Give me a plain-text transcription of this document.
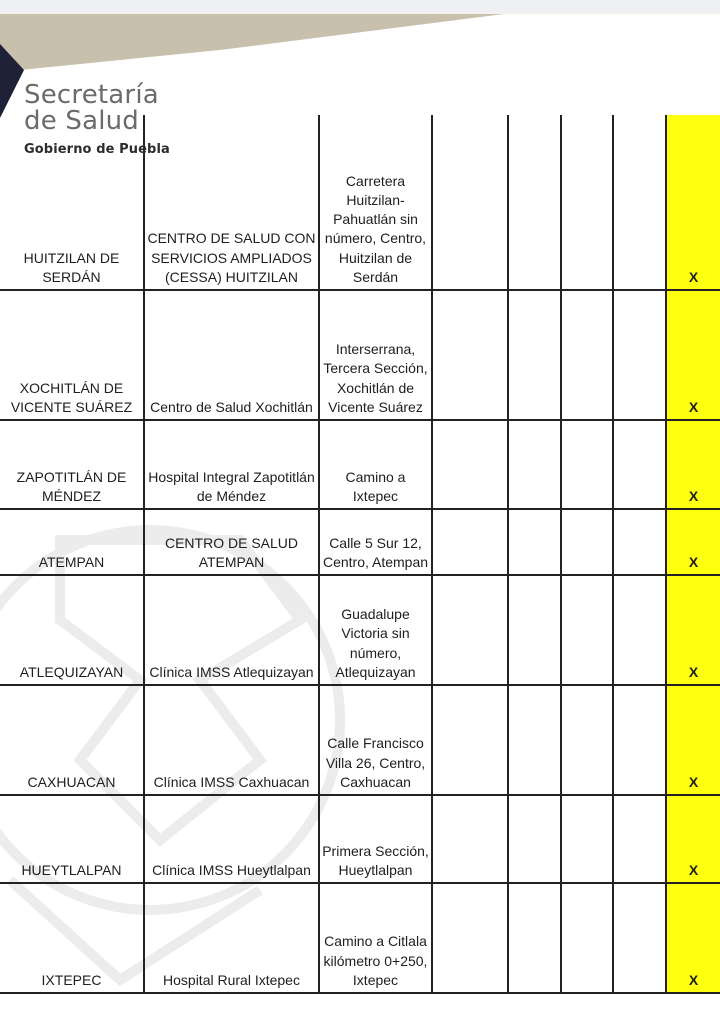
Secretaría
de Salud
Gobierno de Puebla
HUITZILAN DE SERDÁN	CENTRO DE SALUD CON SERVICIOS AMPLIADOS (CESSA) HUITZILAN	Carretera Huitzilan-Pahuatlán sin número, Centro, Huitzilan de Serdán					X
XOCHITLÁN DE VICENTE SUÁREZ	Centro de Salud Xochitlán	Interserrana, Tercera Sección, Xochitlán de Vicente Suárez					X
ZAPOTITLÁN DE MÉNDEZ	Hospital Integral Zapotitlán de Méndez	Camino a Ixtepec					X
ATEMPAN	CENTRO DE SALUD ATEMPAN	Calle 5 Sur 12, Centro, Atempan					X
ATLEQUIZAYAN	Clínica IMSS Atlequizayan	Guadalupe Victoria sin número, Atlequizayan					X
CAXHUACAN	Clínica IMSS Caxhuacan	Calle Francisco Villa 26, Centro, Caxhuacan					X
HUEYTLALPAN	Clínica IMSS Hueytlalpan	Primera Sección, Hueytlalpan					X
IXTEPEC	Hospital Rural Ixtepec	Camino a Citlala kilómetro 0+250, Ixtepec					X
